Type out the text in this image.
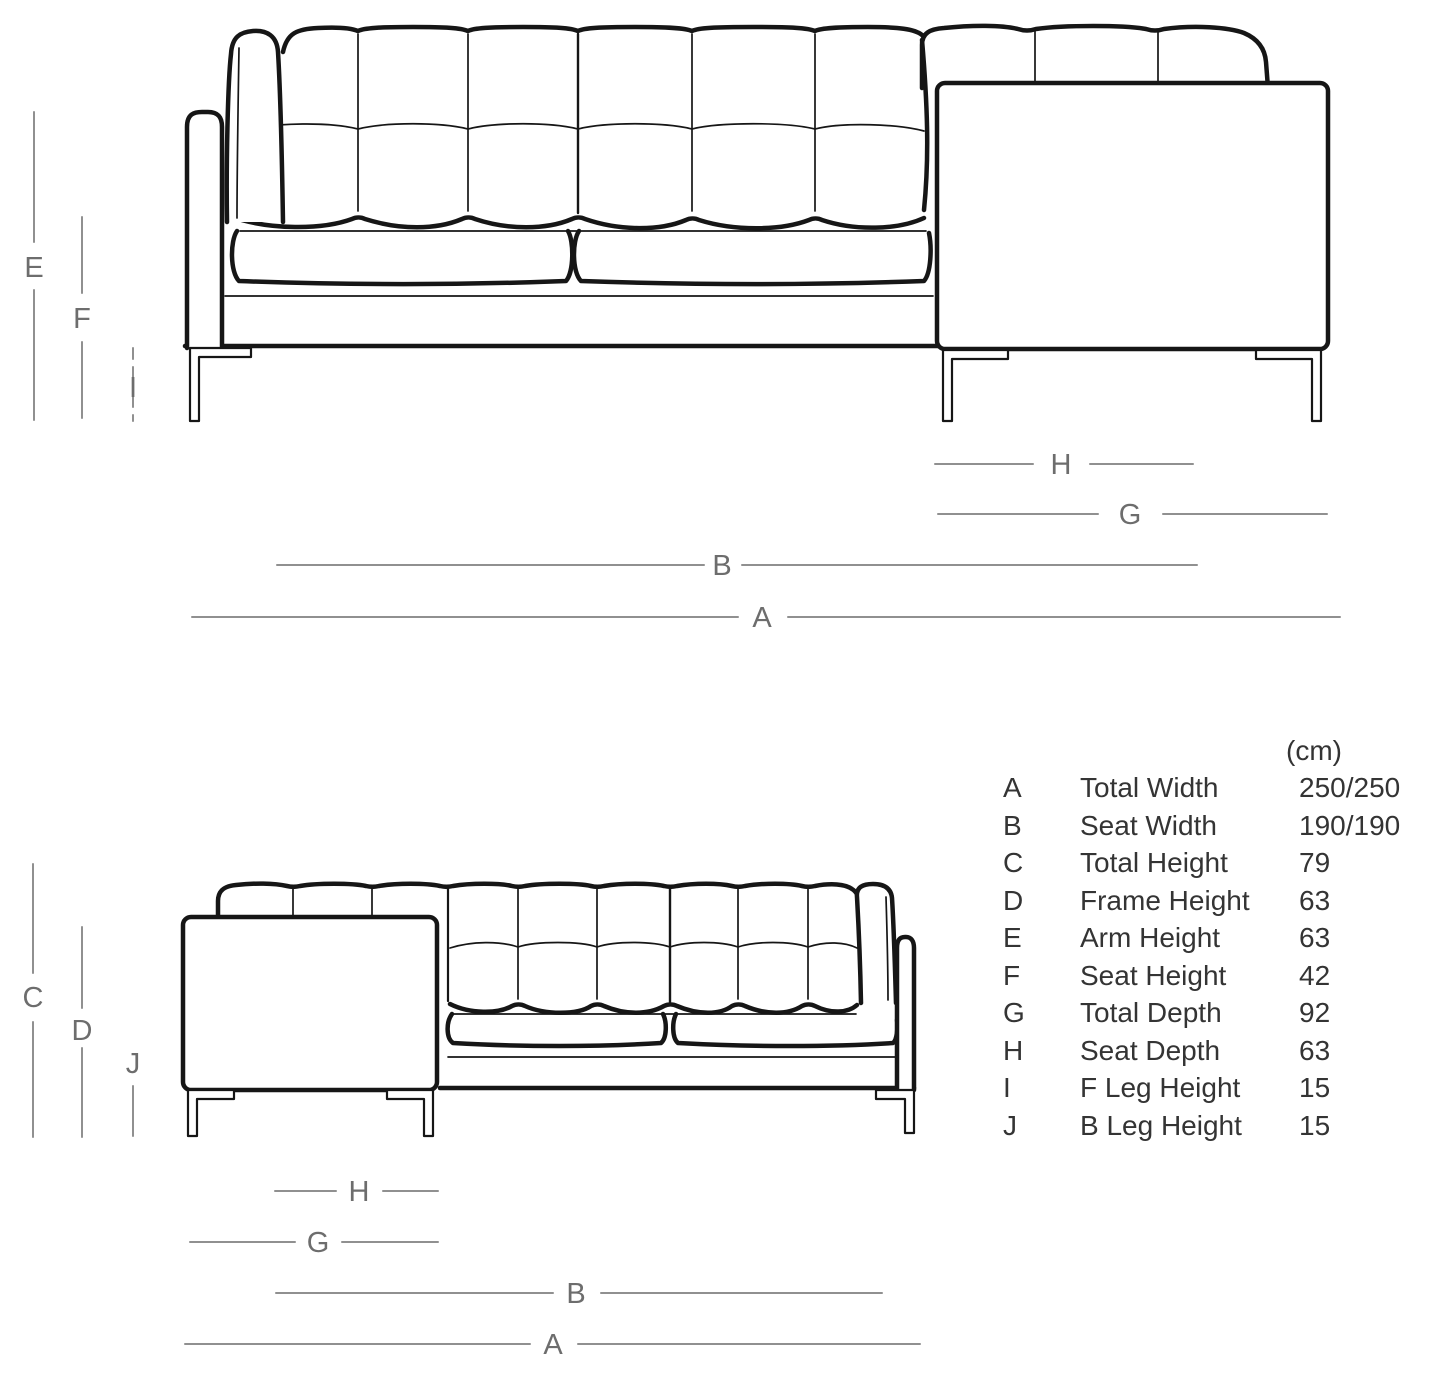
E
F
I
H
G
B
A
C
D
J
H
G
B
A
(cm)
A	Total Width	250/250
B	Seat Width	190/190
C	Total Height	79
D	Frame Height	63
E	Arm Height	63
F	Seat Height	42
G	Total Depth	92
H	Seat Depth	63
I	F Leg Height	15
J	B Leg Height	15
